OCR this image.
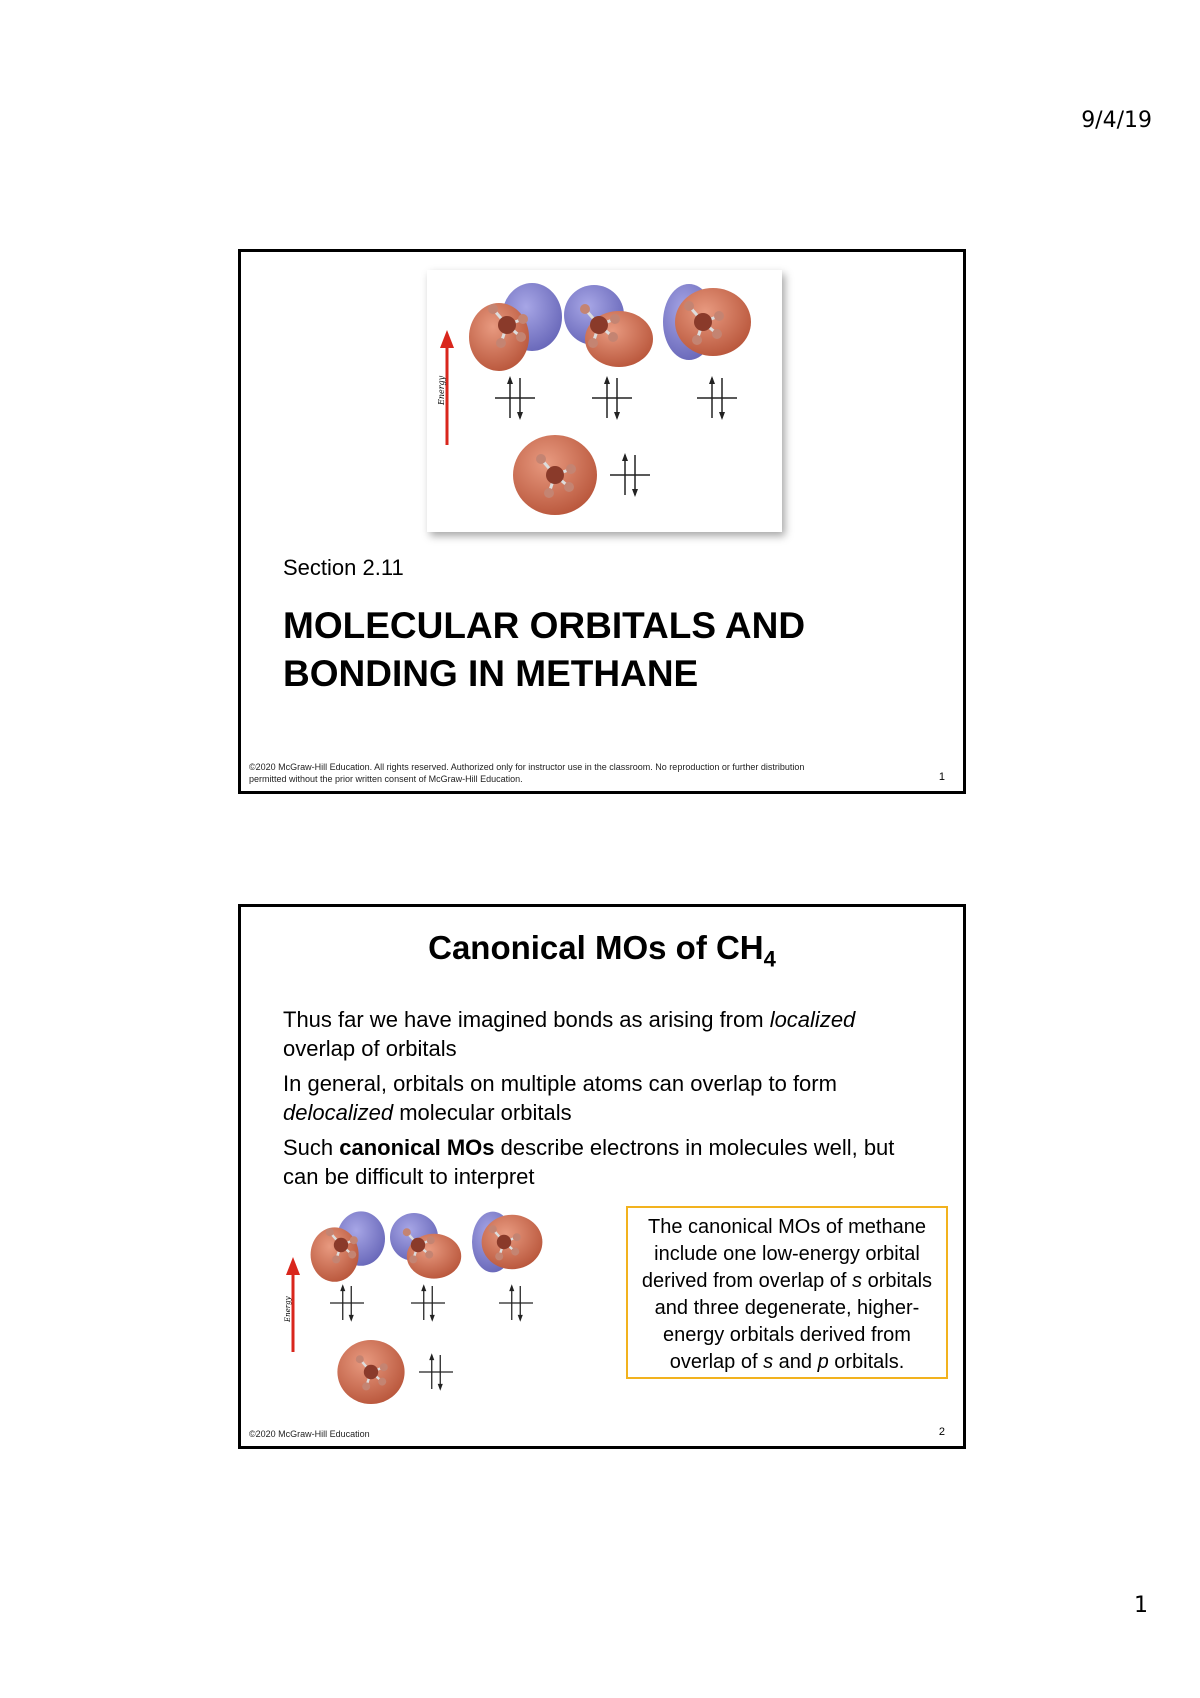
9/4/19
Energy
Section 2.11
MOLECULAR ORBITALS AND
BONDING IN METHANE
©2020 McGraw-Hill Education. All rights reserved. Authorized only for instructor use in the classroom. No reproduction or further distribution
permitted without the prior written consent of McGraw-Hill Education.	1
Canonical MOs of $CH_4$

Thus far we have imagined bonds as arising from localized overlap of orbitals

In general, orbitals on multiple atoms can overlap to form delocalized molecular orbitals

Such canonical MOs describe electrons in molecules well, but can be difficult to interpret

Energy
The canonical MOs of methane include one low-energy orbital derived from overlap of s orbitals and three degenerate, higher-energy orbitals derived from overlap of s and p orbitals.
©2020 McGraw-Hill Education	2
1
